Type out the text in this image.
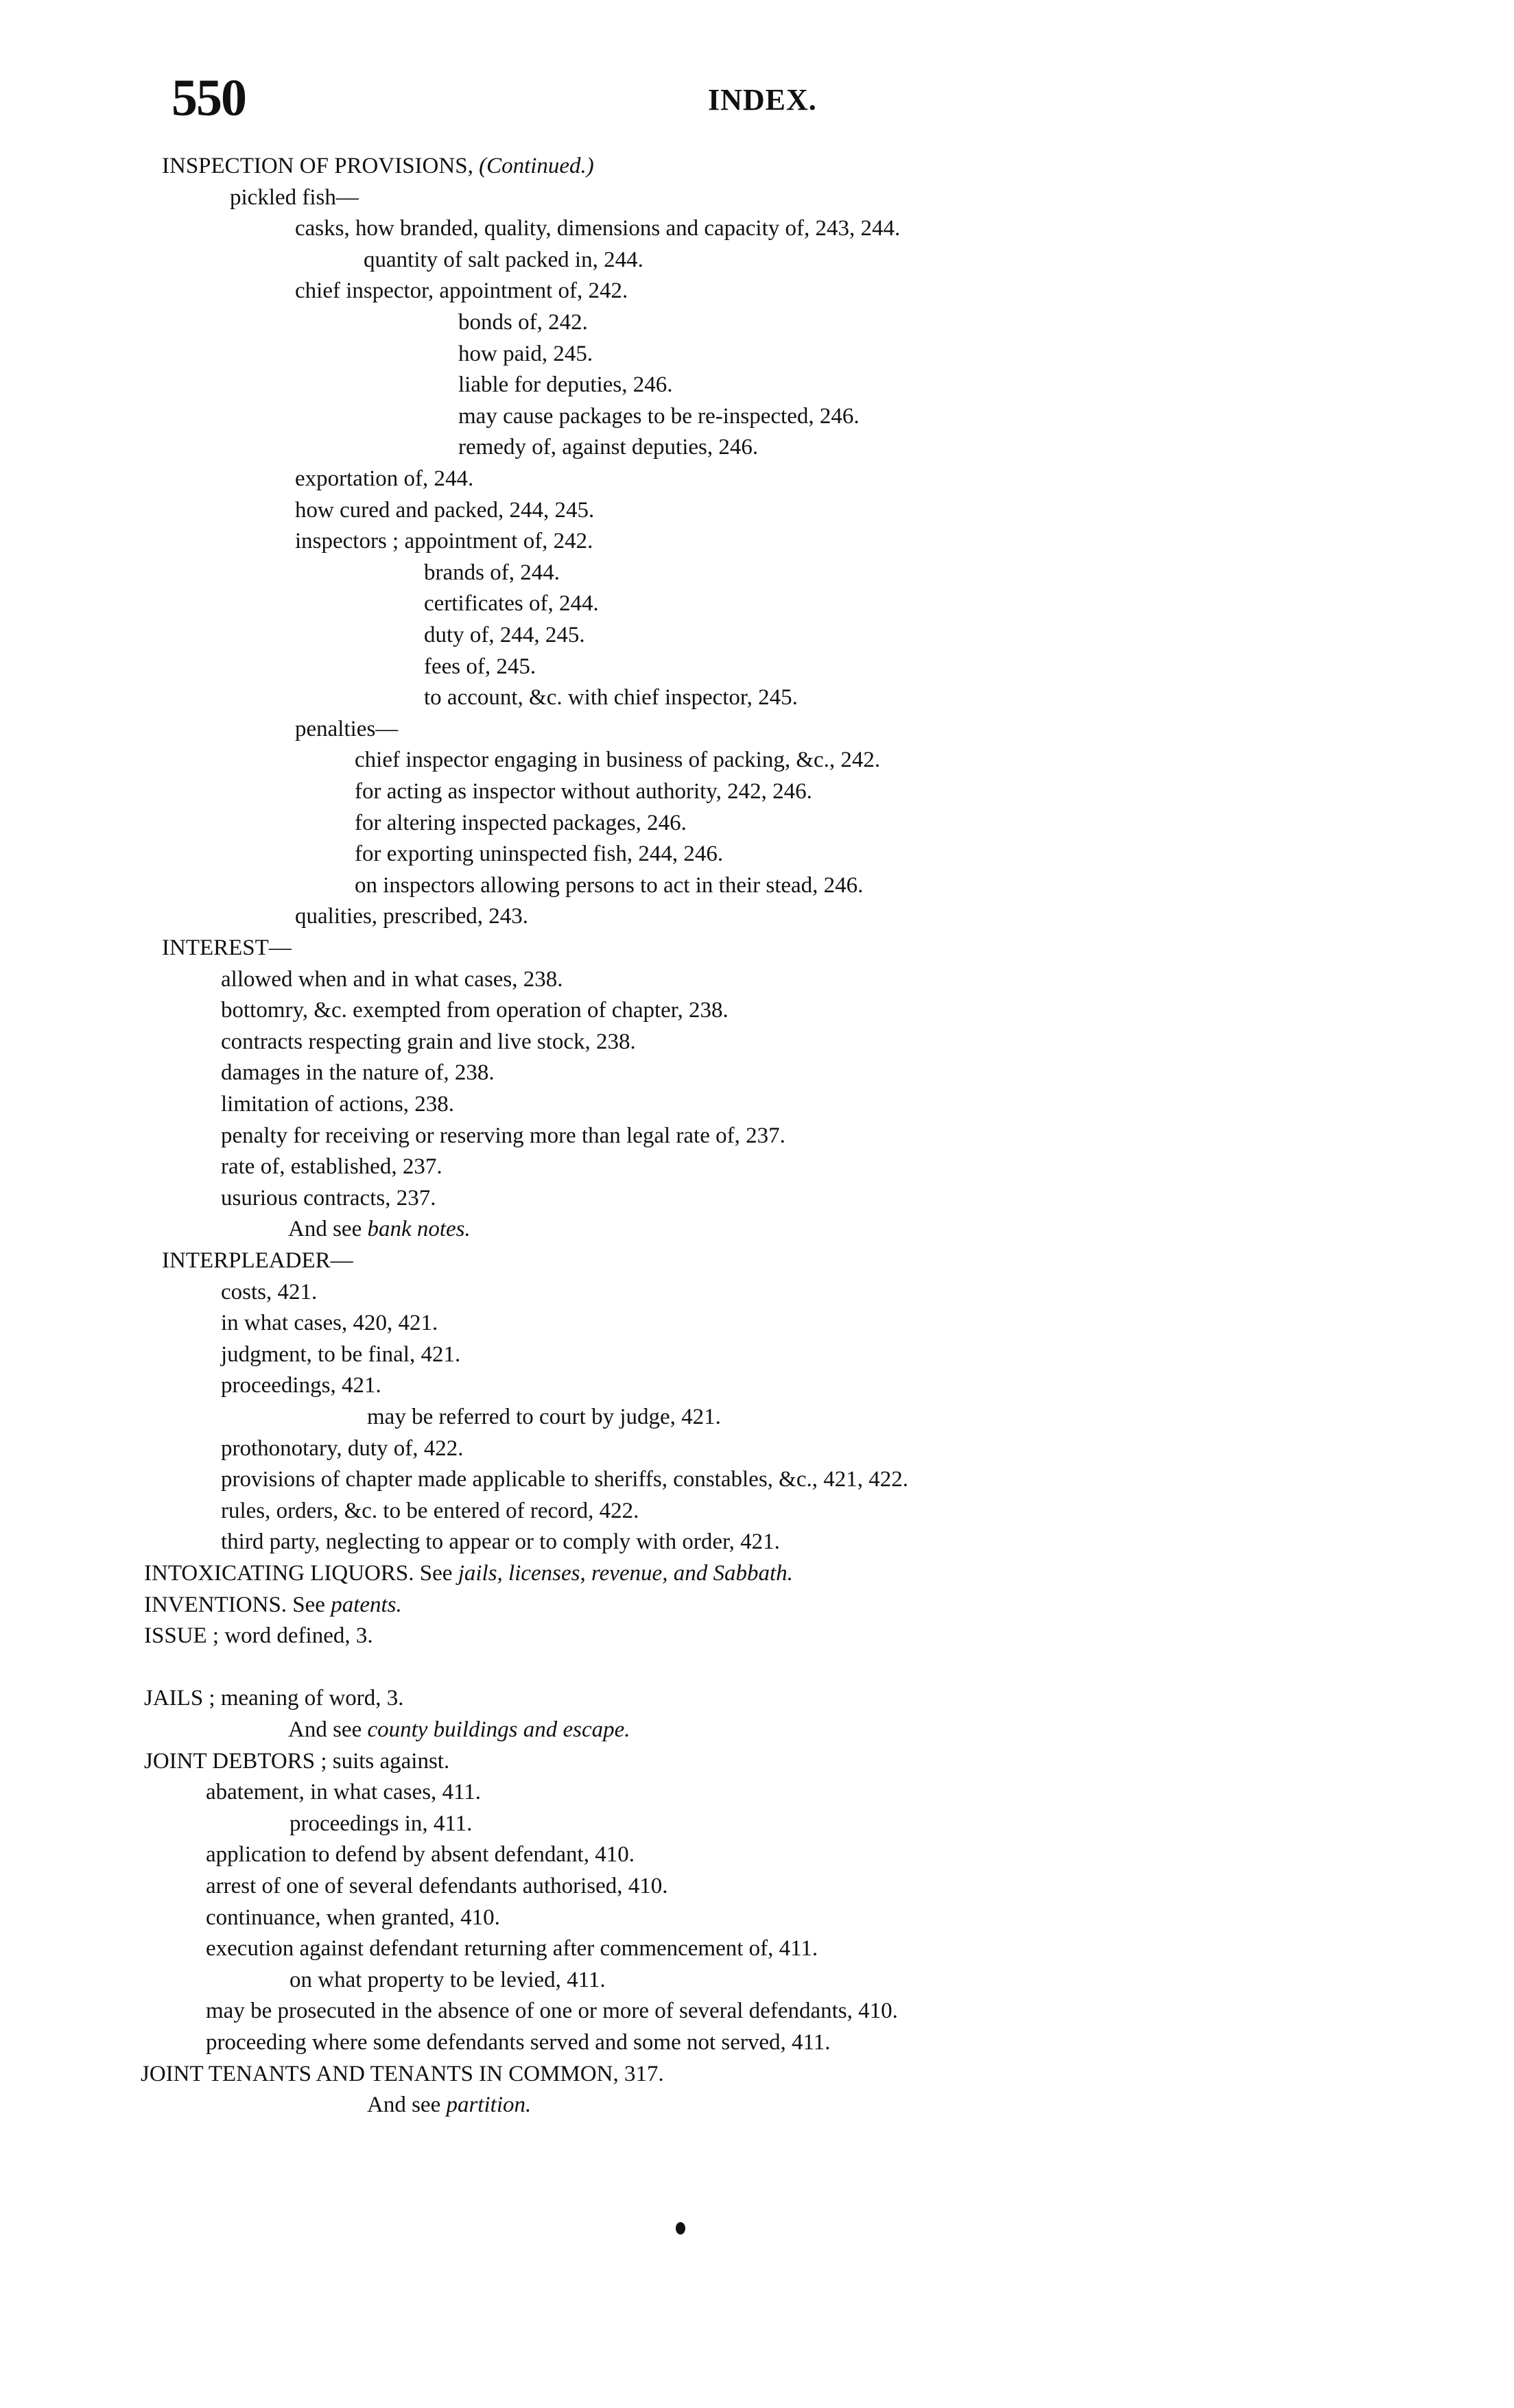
550	INDEX.
INSPECTION OF PROVISIONS, (Continued.)
pickled fish—
casks, how branded, quality, dimensions and capacity of, 243, 244.
quantity of salt packed in, 244.
chief inspector, appointment of, 242.
bonds of, 242.
how paid, 245.
liable for deputies, 246.
may cause packages to be re-inspected, 246.
remedy of, against deputies, 246.
exportation of, 244.
how cured and packed, 244, 245.
inspectors ; appointment of, 242.
brands of, 244.
certificates of, 244.
duty of, 244, 245.
fees of, 245.
to account, &c. with chief inspector, 245.
penalties—
chief inspector engaging in business of packing, &c., 242.
for acting as inspector without authority, 242, 246.
for altering inspected packages, 246.
for exporting uninspected fish, 244, 246.
on inspectors allowing persons to act in their stead, 246.
qualities, prescribed, 243.
INTEREST—
allowed when and in what cases, 238.
bottomry, &c. exempted from operation of chapter, 238.
contracts respecting grain and live stock, 238.
damages in the nature of, 238.
limitation of actions, 238.
penalty for receiving or reserving more than legal rate of, 237.
rate of, established, 237.
usurious contracts, 237.
And see bank notes.
INTERPLEADER—
costs, 421.
in what cases, 420, 421.
judgment, to be final, 421.
proceedings, 421.
may be referred to court by judge, 421.
prothonotary, duty of, 422.
provisions of chapter made applicable to sheriffs, constables, &c., 421, 422.
rules, orders, &c. to be entered of record, 422.
third party, neglecting to appear or to comply with order, 421.
INTOXICATING LIQUORS. See jails, licenses, revenue, and Sabbath.
INVENTIONS. See patents.
ISSUE ; word defined, 3.
JAILS ; meaning of word, 3.
And see county buildings and escape.
JOINT DEBTORS ; suits against.
abatement, in what cases, 411.
proceedings in, 411.
application to defend by absent defendant, 410.
arrest of one of several defendants authorised, 410.
continuance, when granted, 410.
execution against defendant returning after commencement of, 411.
on what property to be levied, 411.
may be prosecuted in the absence of one or more of several defendants, 410.
proceeding where some defendants served and some not served, 411.
JOINT TENANTS AND TENANTS IN COMMON, 317.
And see partition.
